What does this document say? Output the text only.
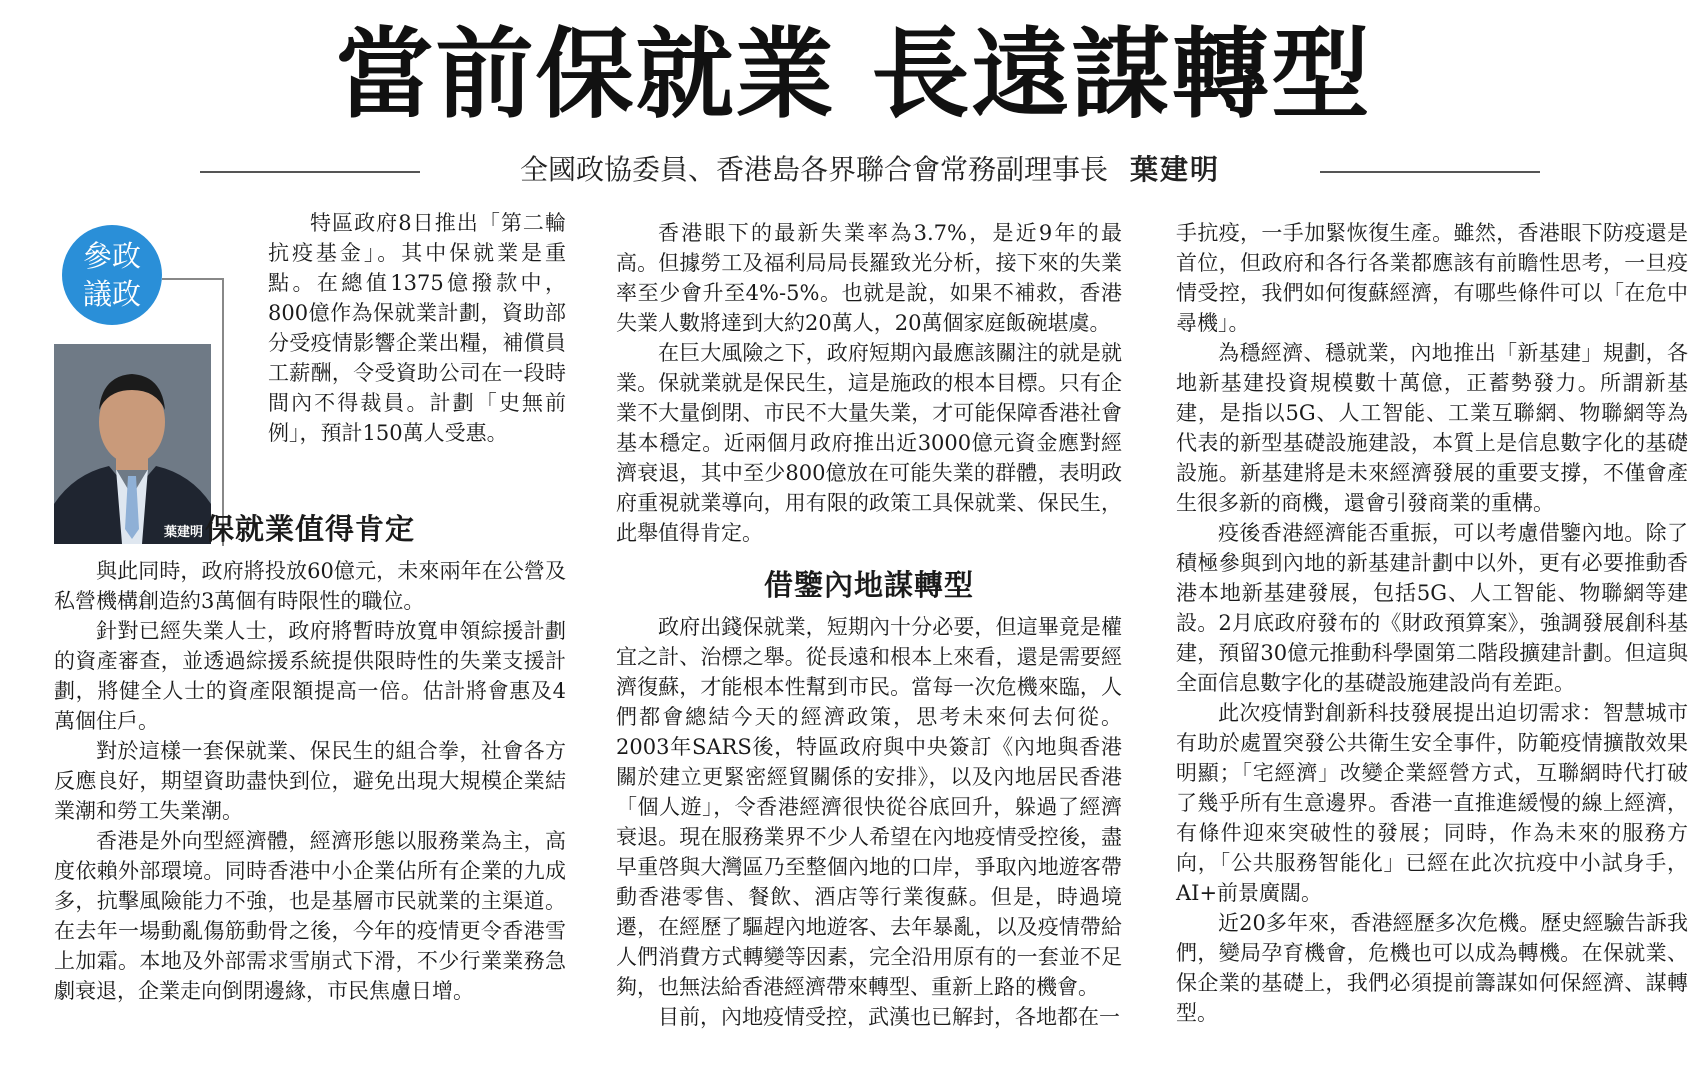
當前保就業 長遠謀轉型
全國政協委員、香港島各界聯合會常務副理事長 葉建明
參政
議政
葉建明

特區政府8日推出「第二輪抗疫基金」。其中保就業是重點。在總值1375億撥款中，800億作為保就業計劃，資助部分受疫情影響企業出糧，補償員工薪酬，令受資助公司在一段時間內不得裁員。計劃「史無前例」，預計150萬人受惠。

保就業值得肯定

與此同時，政府將投放60億元，未來兩年在公營及私營機構創造約3萬個有時限性的職位。

針對已經失業人士，政府將暫時放寬申領綜援計劃的資產審查，並透過綜援系統提供限時性的失業支援計劃，將健全人士的資產限額提高一倍。估計將會惠及4萬個住戶。

對於這樣一套保就業、保民生的組合拳，社會各方反應良好，期望資助盡快到位，避免出現大規模企業結業潮和勞工失業潮。

香港是外向型經濟體，經濟形態以服務業為主，高度依賴外部環境。同時香港中小企業佔所有企業的九成多，抗擊風險能力不強，也是基層市民就業的主渠道。在去年一場動亂傷筋動骨之後，今年的疫情更令香港雪上加霜。本地及外部需求雪崩式下滑，不少行業業務急劇衰退，企業走向倒閉邊緣，市民焦慮日增。

香港眼下的最新失業率為3.7%，是近9年的最高。但據勞工及福利局局長羅致光分析，接下來的失業率至少會升至4%-5%。也就是說，如果不補救，香港失業人數將達到大約20萬人，20萬個家庭飯碗堪虞。

在巨大風險之下，政府短期內最應該關注的就是就業。保就業就是保民生，這是施政的根本目標。只有企業不大量倒閉、市民不大量失業，才可能保障香港社會基本穩定。近兩個月政府推出近3000億元資金應對經濟衰退，其中至少800億放在可能失業的群體，表明政府重視就業導向，用有限的政策工具保就業、保民生，此舉值得肯定。

借鑒內地謀轉型

政府出錢保就業，短期內十分必要，但這畢竟是權宜之計、治標之舉。從長遠和根本上來看，還是需要經濟復蘇，才能根本性幫到市民。當每一次危機來臨，人們都會總結今天的經濟政策，思考未來何去何從。2003年SARS後，特區政府與中央簽訂《內地與香港關於建立更緊密經貿關係的安排》，以及內地居民香港「個人遊」，令香港經濟很快從谷底回升，躲過了經濟衰退。現在服務業界不少人希望在內地疫情受控後，盡早重啓與大灣區乃至整個內地的口岸，爭取內地遊客帶動香港零售、餐飲、酒店等行業復蘇。但是，時過境遷，在經歷了驅趕內地遊客、去年暴亂，以及疫情帶給人們消費方式轉變等因素，完全沿用原有的一套並不足夠，也無法給香港經濟帶來轉型、重新上路的機會。

目前，內地疫情受控，武漢也已解封，各地都在一

手抗疫，一手加緊恢復生產。雖然，香港眼下防疫還是首位，但政府和各行各業都應該有前瞻性思考，一旦疫情受控，我們如何復蘇經濟，有哪些條件可以「在危中尋機」。

為穩經濟、穩就業，內地推出「新基建」規劃，各地新基建投資規模數十萬億，正蓄勢發力。所謂新基建，是指以5G、人工智能、工業互聯網、物聯網等為代表的新型基礎設施建設，本質上是信息數字化的基礎設施。新基建將是未來經濟發展的重要支撐，不僅會產生很多新的商機，還會引發商業的重構。

疫後香港經濟能否重振，可以考慮借鑒內地。除了積極參與到內地的新基建計劃中以外，更有必要推動香港本地新基建發展，包括5G、人工智能、物聯網等建設。2月底政府發布的《財政預算案》，強調發展創科基建，預留30億元推動科學園第二階段擴建計劃。但這與全面信息數字化的基礎設施建設尚有差距。

此次疫情對創新科技發展提出迫切需求：智慧城市有助於處置突發公共衛生安全事件，防範疫情擴散效果明顯；「宅經濟」改變企業經營方式，互聯網時代打破了幾乎所有生意邊界。香港一直推進緩慢的線上經濟，有條件迎來突破性的發展；同時，作為未來的服務方向，「公共服務智能化」已經在此次抗疫中小試身手，AI+前景廣闊。

近20多年來，香港經歷多次危機。歷史經驗告訴我們，變局孕育機會，危機也可以成為轉機。在保就業、保企業的基礎上，我們必須提前籌謀如何保經濟、謀轉型。
